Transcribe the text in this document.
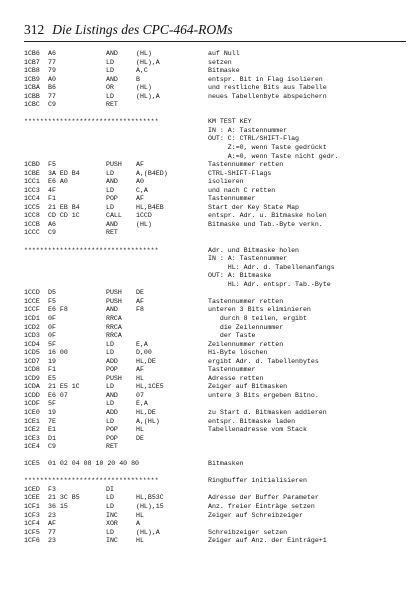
312 Die Listings des CPC-464-ROMs
1CB6	A6	AND	(HL)	auf Null
1CB7	77	LD	(HL),A	setzen
1CB8	79	LD	A,C	Bitmaske
1CB9	A0	AND	B	entspr. Bit in Flag isolieren
1CBA	B6	OR	(HL)	und restliche Bits aus Tabelle
1CBB	77	LD	(HL),A	neues Tabellenbyte abspeichern
1CBC	C9	RET
**********************************	KM TEST KEY
IN : A: Tastennummer
OUT: C: CTRL/SHIFT-Flag
Z:=0, wenn Taste gedrückt
A:=0, wenn Taste nicht gedr.
1CBD	F5	PUSH	AF	Tastennummer retten
1CBE	3A ED B4	LD	A,(B4ED)	CTRL-SHIFT-Flags
1CC1	E6 A0	AND	A0	isolieren
1CC3	4F	LD	C,A	und nach C retten
1CC4	F1	POP	AF	Tastennummer
1CC5	21 EB B4	LD	HL,B4EB	Start der Key State Map
1CC8	CD CD 1C	CALL	1CCD	entspr. Adr. u. Bitmaske holen
1CCB	A6	AND	(HL)	Bitmaske und Tab.-Byte verkn.
1CCC	C9	RET
**********************************	Adr. und Bitmaske holen
IN : A: Tastennummer
HL: Adr. d. Tabellenanfangs
OUT: A: Bitmaske
HL: Adr. entspr. Tab.-Byte
1CCD	D5	PUSH	DE
1CCE	F5	PUSH	AF	Tastennummer retten
1CCF	E6 F8	AND	F8	unteren 3 Bits eliminieren
1CD1	0F	RRCA	durch 8 teilen, ergibt
1CD2	0F	RRCA	die Zeilennummer
1CD3	0F	RRCA	der Taste
1CD4	5F	LD	E,A	Zeilennummer retten
1CD5	16 00	LD	D,00	Hi-Byte löschen
1CD7	19	ADD	HL,DE	ergibt Adr. d. Tabellenbytes
1CD8	F1	POP	AF	Tastennummer
1CD9	E5	PUSH	HL	Adresse retten
1CDA	21 E5 1C	LD	HL,1CE5	Zeiger auf Bitmasken
1CDD	E6 07	AND	07	untere 3 Bits ergeben Bitno.
1CDF	5F	LD	E,A
1CE0	19	ADD	HL,DE	zu Start d. Bitmasken addieren
1CE1	7E	LD	A,(HL)	entspr. Bitmaske laden
1CE2	E1	POP	HL	Tabellenadresse vom Stack
1CE3	D1	POP	DE
1CE4	C9	RET
1CE5	01 02 04 08 10 20 40 80	Bitmasken
**********************************	Ringbuffer initialisieren
1CED	F3	DI
1CEE	21 3C B5	LD	HL,B53C	Adresse der Buffer Parameter
1CF1	36 15	LD	(HL),15	Anz. freier Einträge setzen
1CF3	23	INC	HL	Zeiger auf Schreibzeiger
1CF4	AF	XOR	A
1CF5	77	LD	(HL),A	Schreibzeiger setzen
1CF6	23	INC	HL	Zeiger auf Anz. der Einträge+1
